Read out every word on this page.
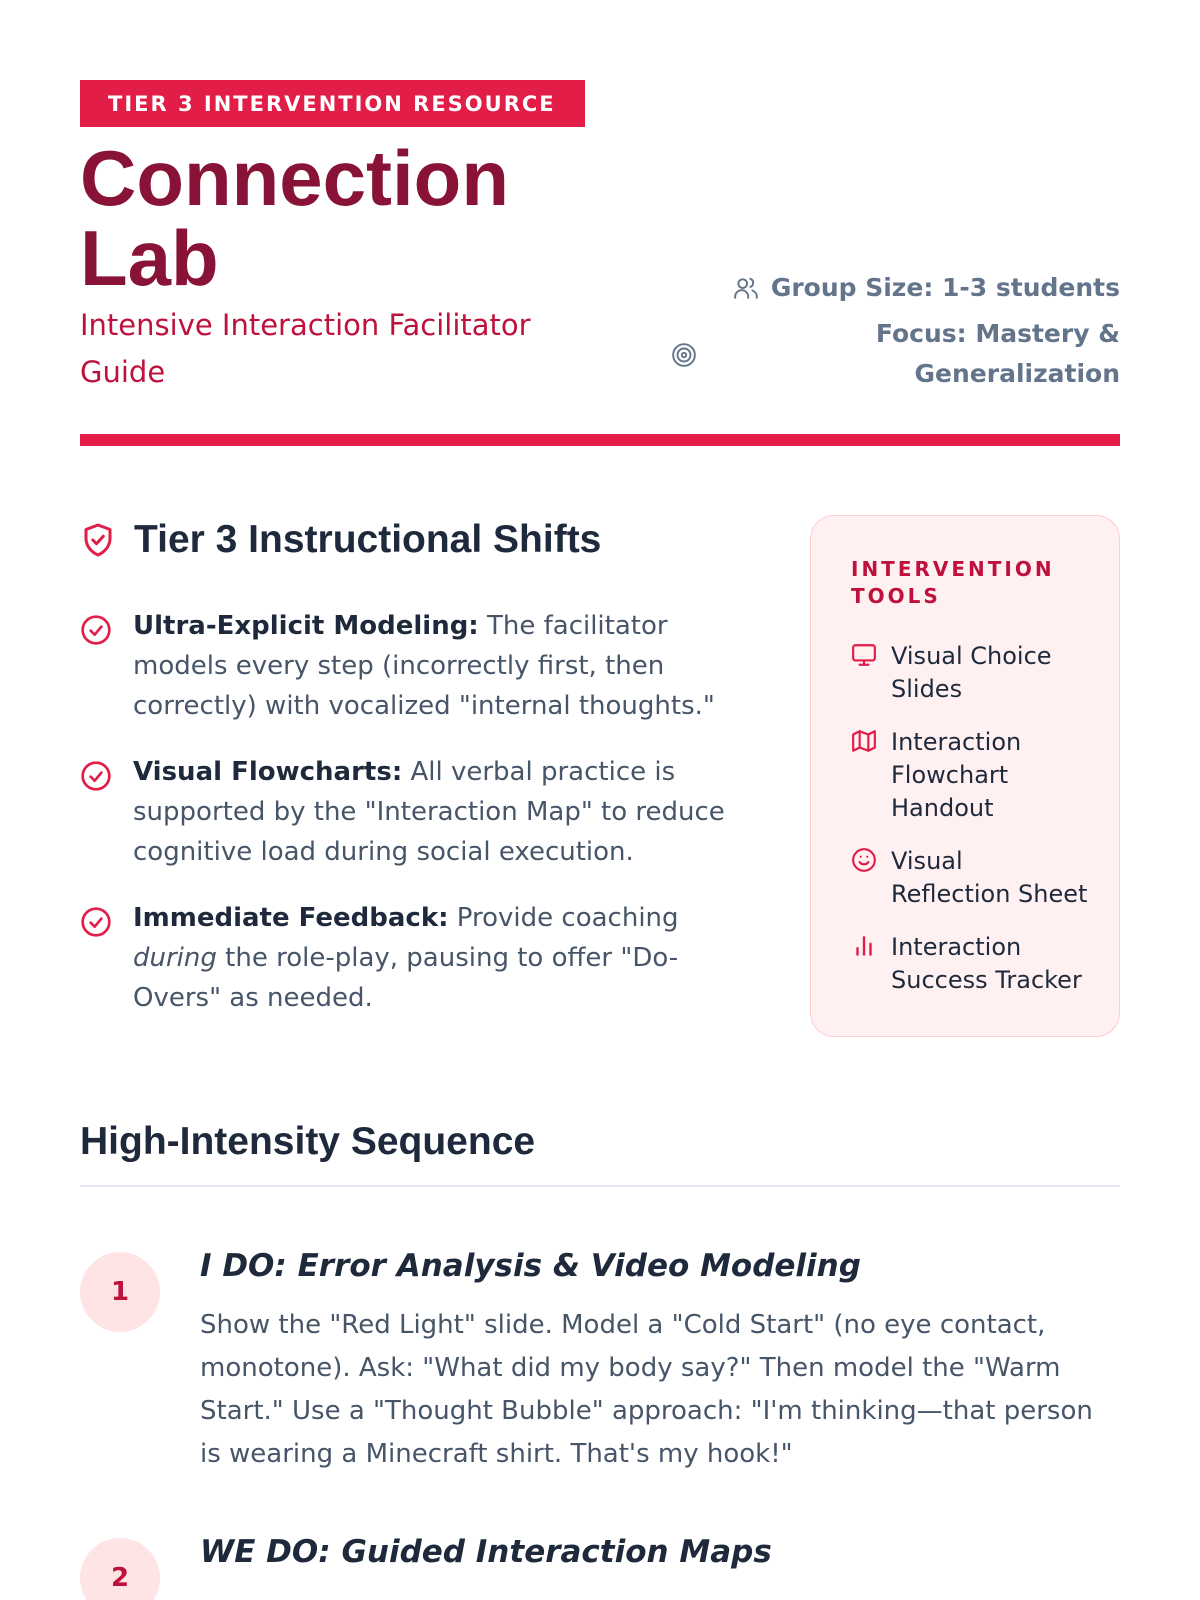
TIER 3 INTERVENTION RESOURCE
Connection
Lab
Intensive Interaction Facilitator Guide
Group Size: 1-3 students
Focus: Mastery & Generalization
Tier 3 Instructional Shifts
Ultra-Explicit Modeling: The facilitator models every step (incorrectly first, then correctly) with vocalized "internal thoughts."
Visual Flowcharts: All verbal practice is supported by the "Interaction Map" to reduce cognitive load during social execution.
Immediate Feedback: Provide coaching during the role-play, pausing to offer "Do-Overs" as needed.
INTERVENTION TOOLS
Visual Choice Slides
Interaction Flowchart Handout
Visual Reflection Sheet
Interaction Success Tracker
High-Intensity Sequence
1
I DO: Error Analysis & Video Modeling
Show the "Red Light" slide. Model a "Cold Start" (no eye contact, monotone). Ask: "What did my body say?" Then model the "Warm Start." Use a "Thought Bubble" approach: "I'm thinking—that person is wearing a Minecraft shirt. That's my hook!"
2
WE DO: Guided Interaction Maps
